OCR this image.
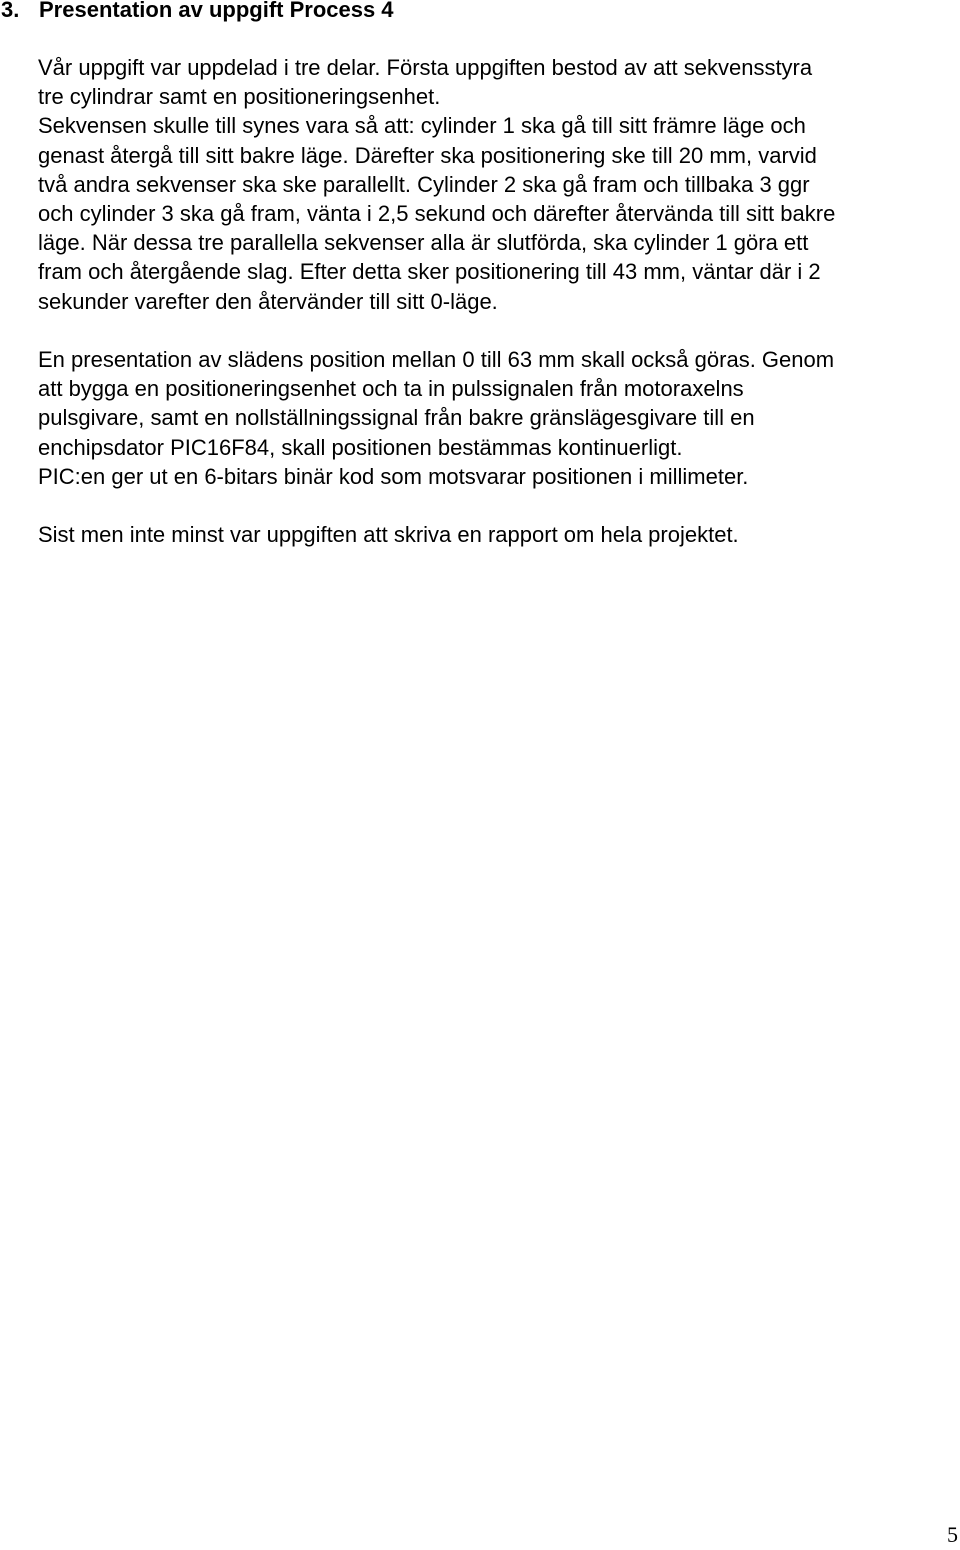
3. Presentation av uppgift Process 4

Vår uppgift var uppdelad i tre delar. Första uppgiften bestod av att sekvensstyra
tre cylindrar samt en positioneringsenhet.
Sekvensen skulle till synes vara så att: cylinder 1 ska gå till sitt främre läge och
genast återgå till sitt bakre läge. Därefter ska positionering ske till 20 mm, varvid
två andra sekvenser ska ske parallellt. Cylinder 2 ska gå fram och tillbaka 3 ggr
och cylinder 3 ska gå fram, vänta i 2,5 sekund och därefter återvända till sitt bakre
läge. När dessa tre parallella sekvenser alla är slutförda, ska cylinder 1 göra ett
fram och återgående slag. Efter detta sker positionering till 43 mm, väntar där i 2
sekunder varefter den återvänder till sitt 0-läge.

En presentation av slädens position mellan 0 till 63 mm skall också göras. Genom
att bygga en positioneringsenhet och ta in pulssignalen från motoraxelns
pulsgivare, samt en nollställningssignal från bakre gränslägesgivare till en
enchipsdator PIC16F84, skall positionen bestämmas kontinuerligt.
PIC:en ger ut en 6-bitars binär kod som motsvarar positionen i millimeter.

Sist men inte minst var uppgiften att skriva en rapport om hela projektet.

5
